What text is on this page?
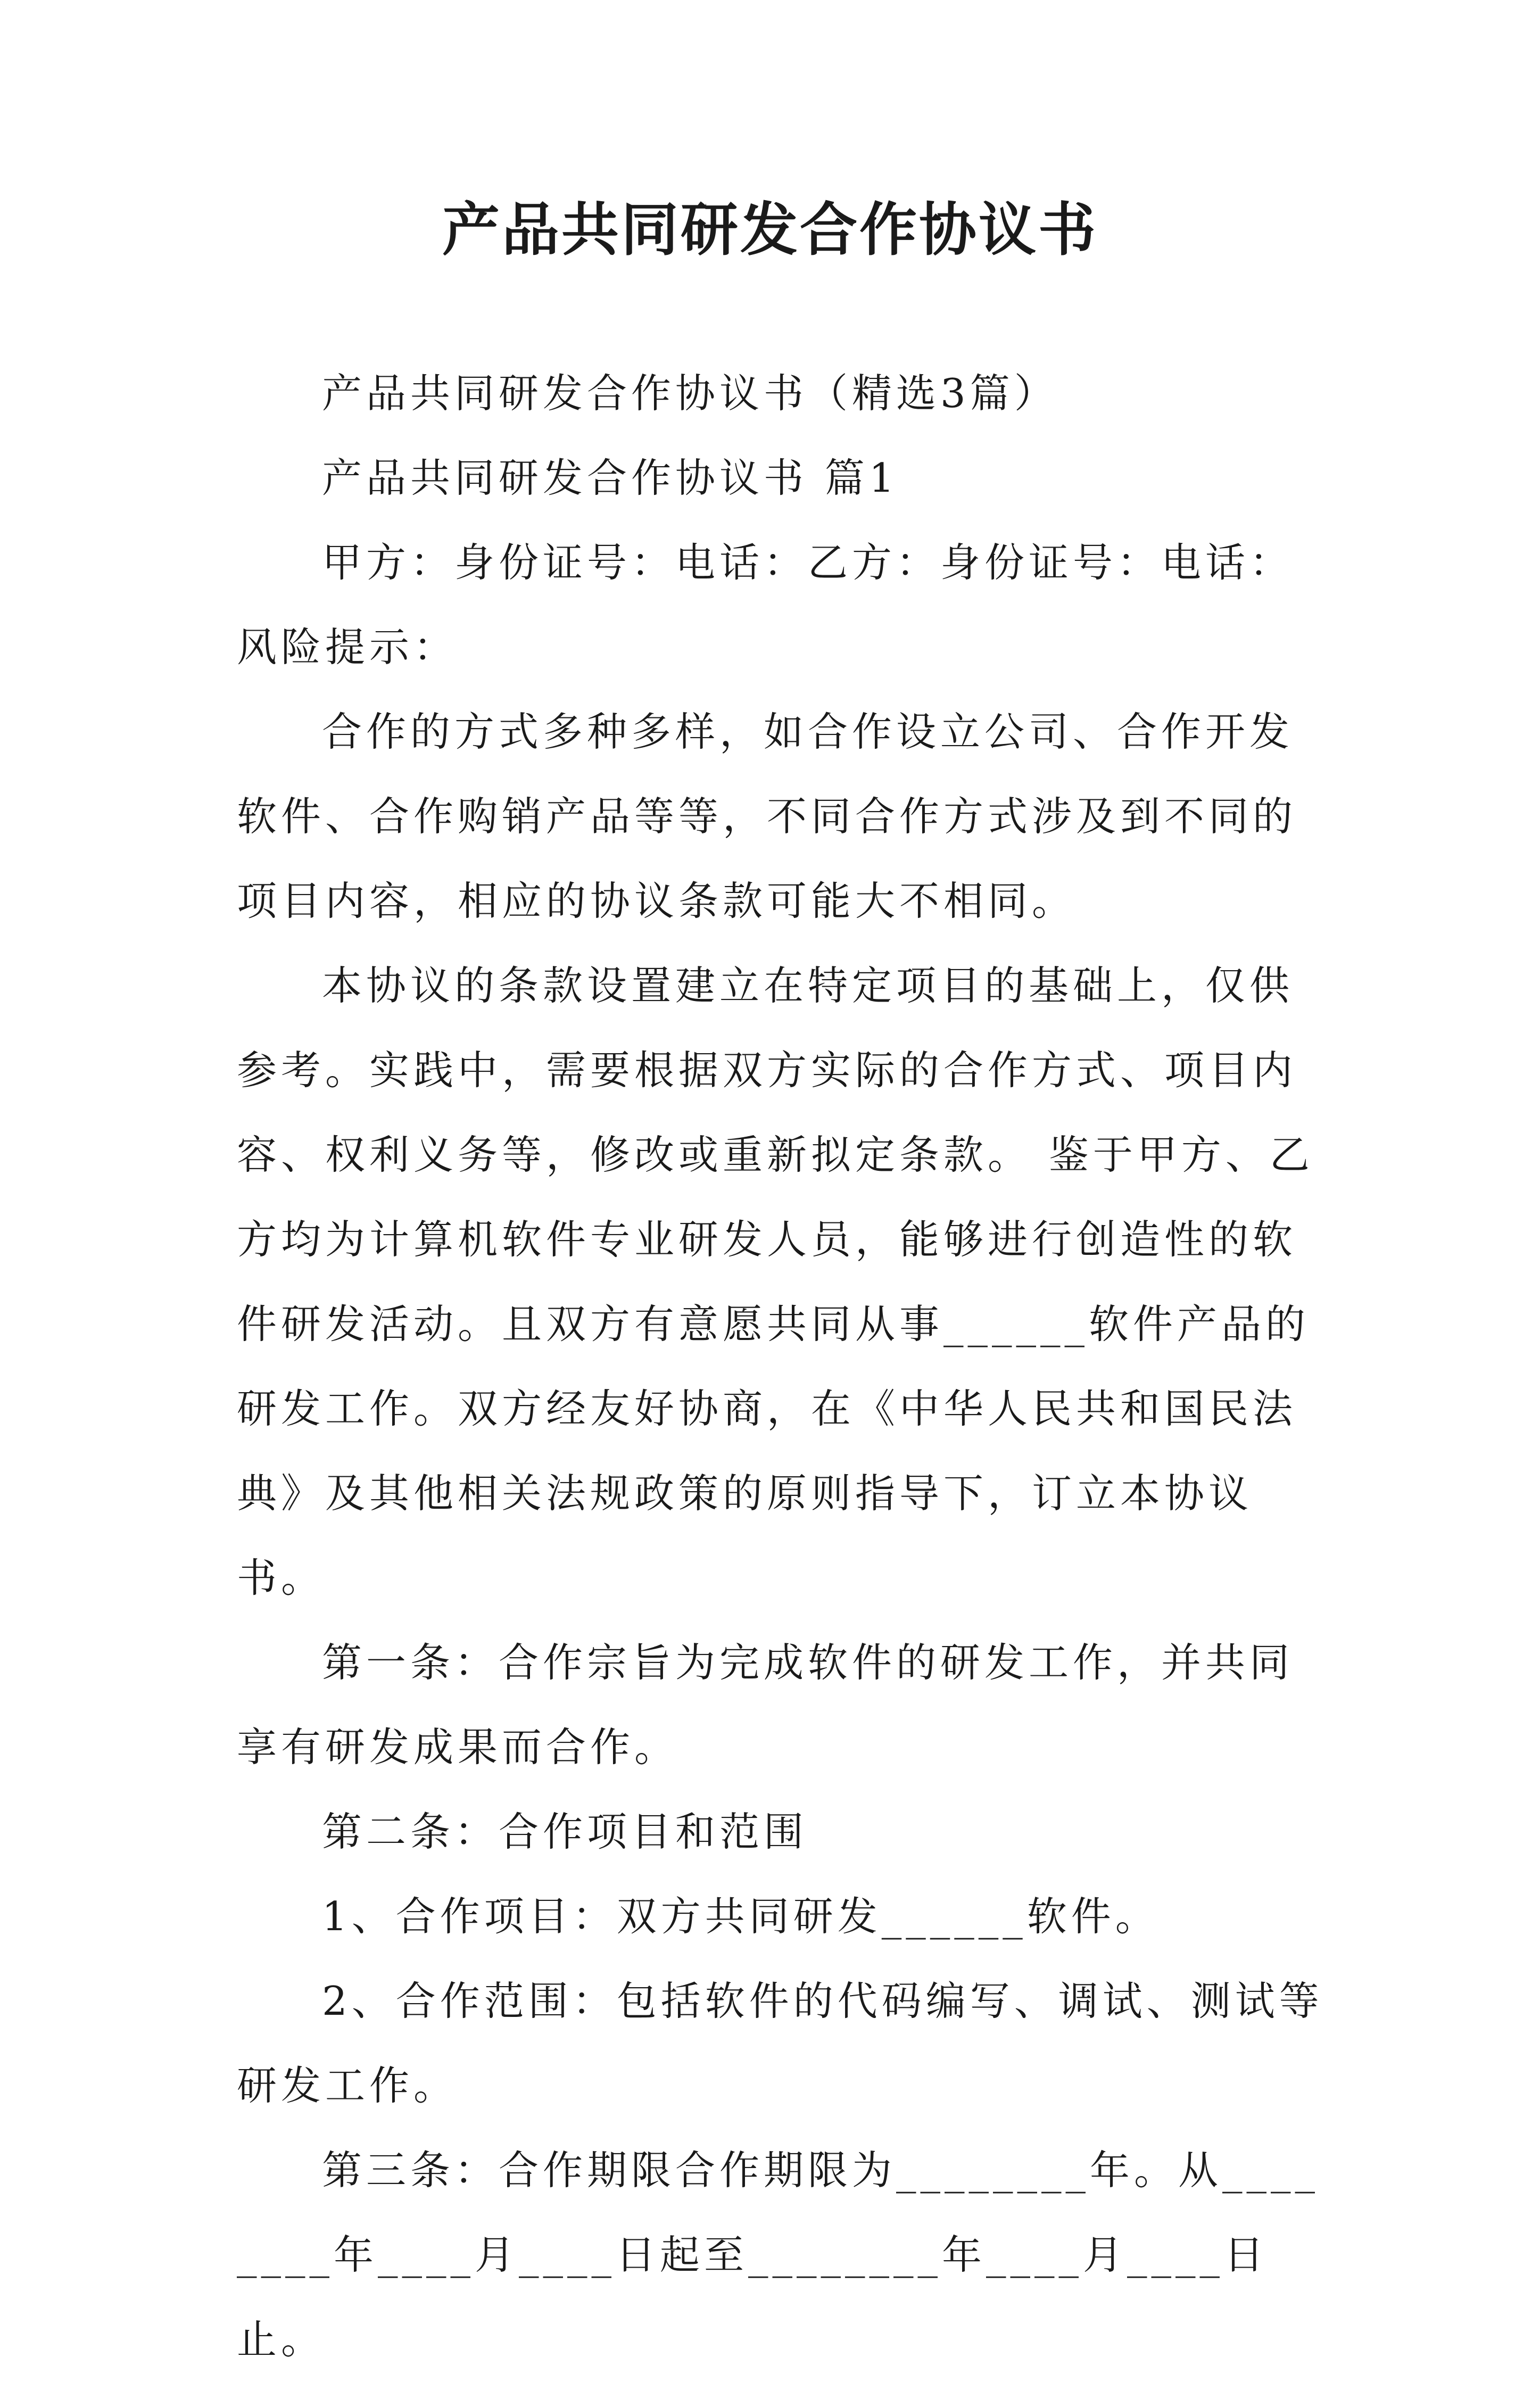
产品共同研发合作协议书

产品共同研发合作协议书（精选3篇）

产品共同研发合作协议书 篇1

甲方：身份证号：电话：乙方：身份证号：电话：风险提示：

合作的方式多种多样，如合作设立公司、合作开发软件、合作购销产品等等，不同合作方式涉及到不同的项目内容，相应的协议条款可能大不相同。

本协议的条款设置建立在特定项目的基础上，仅供参考。实践中，需要根据双方实际的合作方式、项目内容、权利义务等，修改或重新拟定条款。 鉴于甲方、乙方均为计算机软件专业研发人员，能够进行创造性的软件研发活动。且双方有意愿共同从事______软件产品的研发工作。双方经友好协商，在《中华人民共和国民法典》及其他相关法规政策的原则指导下，订立本协议书。

第一条：合作宗旨为完成软件的研发工作，并共同享有研发成果而合作。

第二条：合作项目和范围

1、合作项目：双方共同研发______软件。

2、合作范围：包括软件的代码编写、调试、测试等研发工作。

第三条：合作期限合作期限为________年。从________年____月____日起至________年____月____日止。
